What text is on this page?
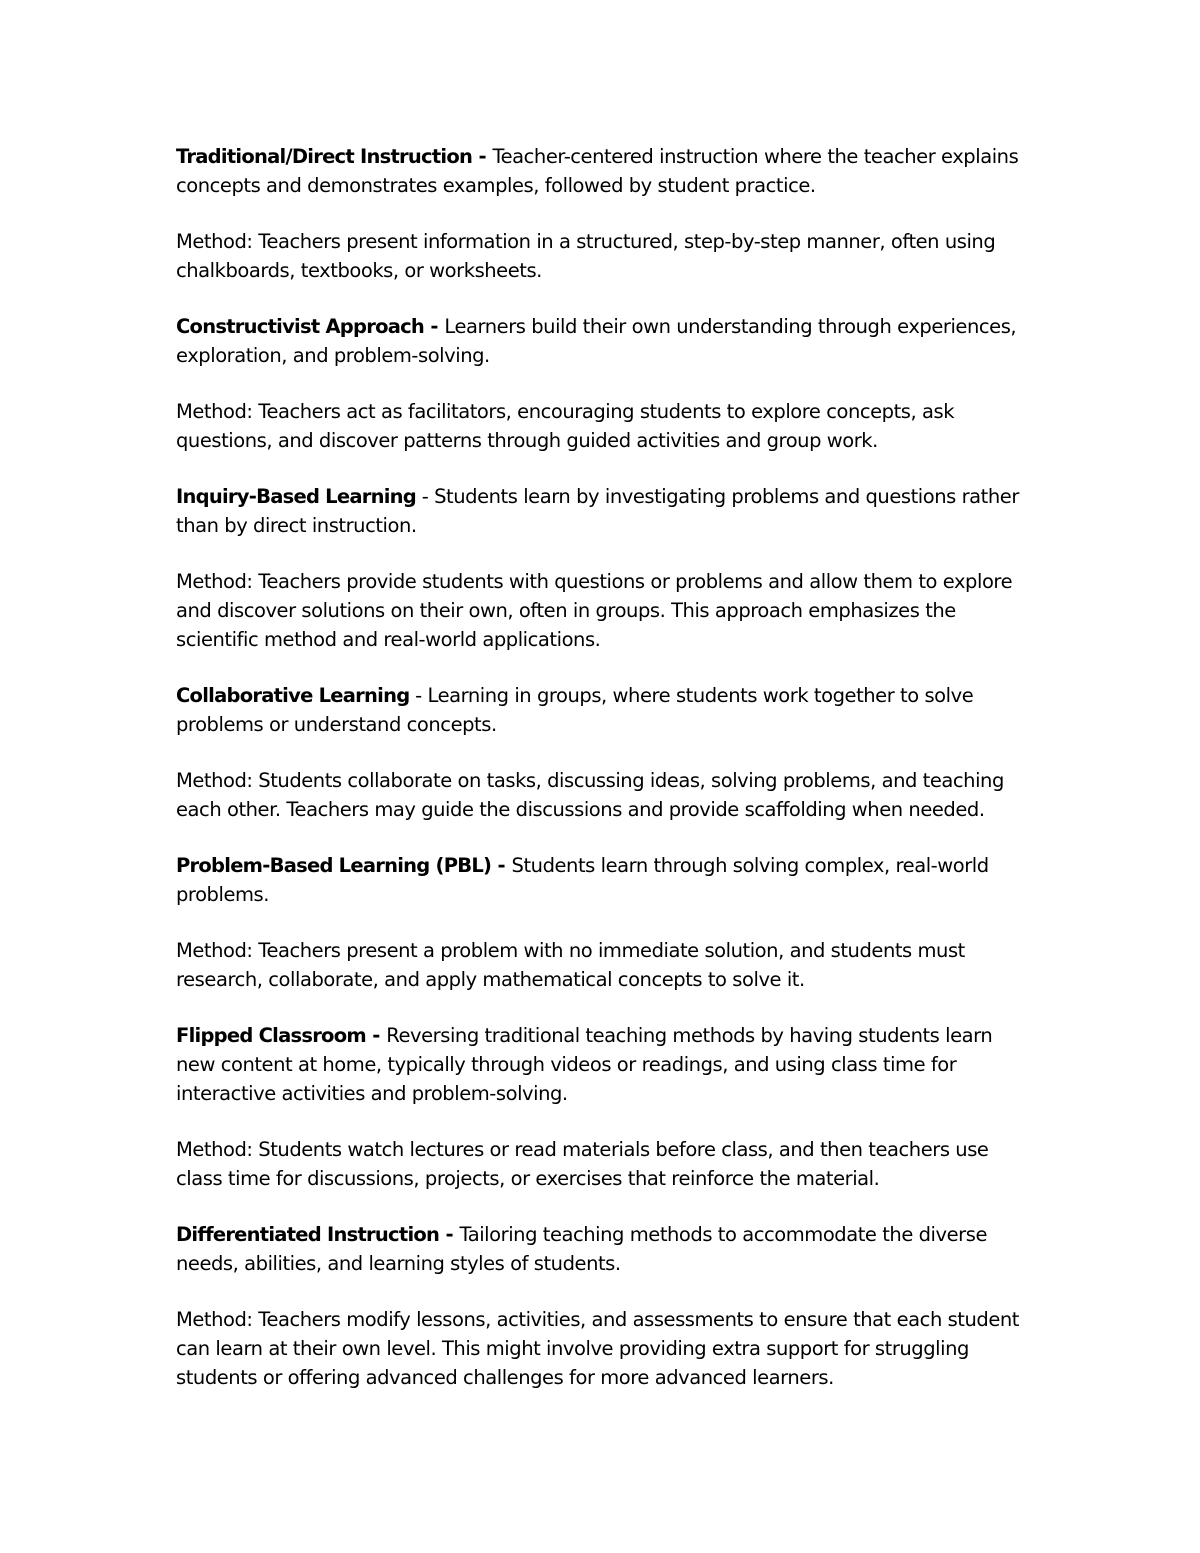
Traditional/Direct Instruction - Teacher-centered instruction where the teacher explains concepts and demonstrates examples, followed by student practice.

Method: Teachers present information in a structured, step-by-step manner, often using chalkboards, textbooks, or worksheets.

Constructivist Approach - Learners build their own understanding through experiences, exploration, and problem-solving.

Method: Teachers act as facilitators, encouraging students to explore concepts, ask questions, and discover patterns through guided activities and group work.

Inquiry-Based Learning - Students learn by investigating problems and questions rather than by direct instruction.

Method: Teachers provide students with questions or problems and allow them to explore and discover solutions on their own, often in groups. This approach emphasizes the scientific method and real-world applications.

Collaborative Learning - Learning in groups, where students work together to solve problems or understand concepts.

Method: Students collaborate on tasks, discussing ideas, solving problems, and teaching each other. Teachers may guide the discussions and provide scaffolding when needed.

Problem-Based Learning (PBL) - Students learn through solving complex, real-world problems.

Method: Teachers present a problem with no immediate solution, and students must research, collaborate, and apply mathematical concepts to solve it.

Flipped Classroom - Reversing traditional teaching methods by having students learn new content at home, typically through videos or readings, and using class time for interactive activities and problem-solving.

Method: Students watch lectures or read materials before class, and then teachers use class time for discussions, projects, or exercises that reinforce the material.

Differentiated Instruction - Tailoring teaching methods to accommodate the diverse needs, abilities, and learning styles of students.

Method: Teachers modify lessons, activities, and assessments to ensure that each student can learn at their own level. This might involve providing extra support for struggling students or offering advanced challenges for more advanced learners.
